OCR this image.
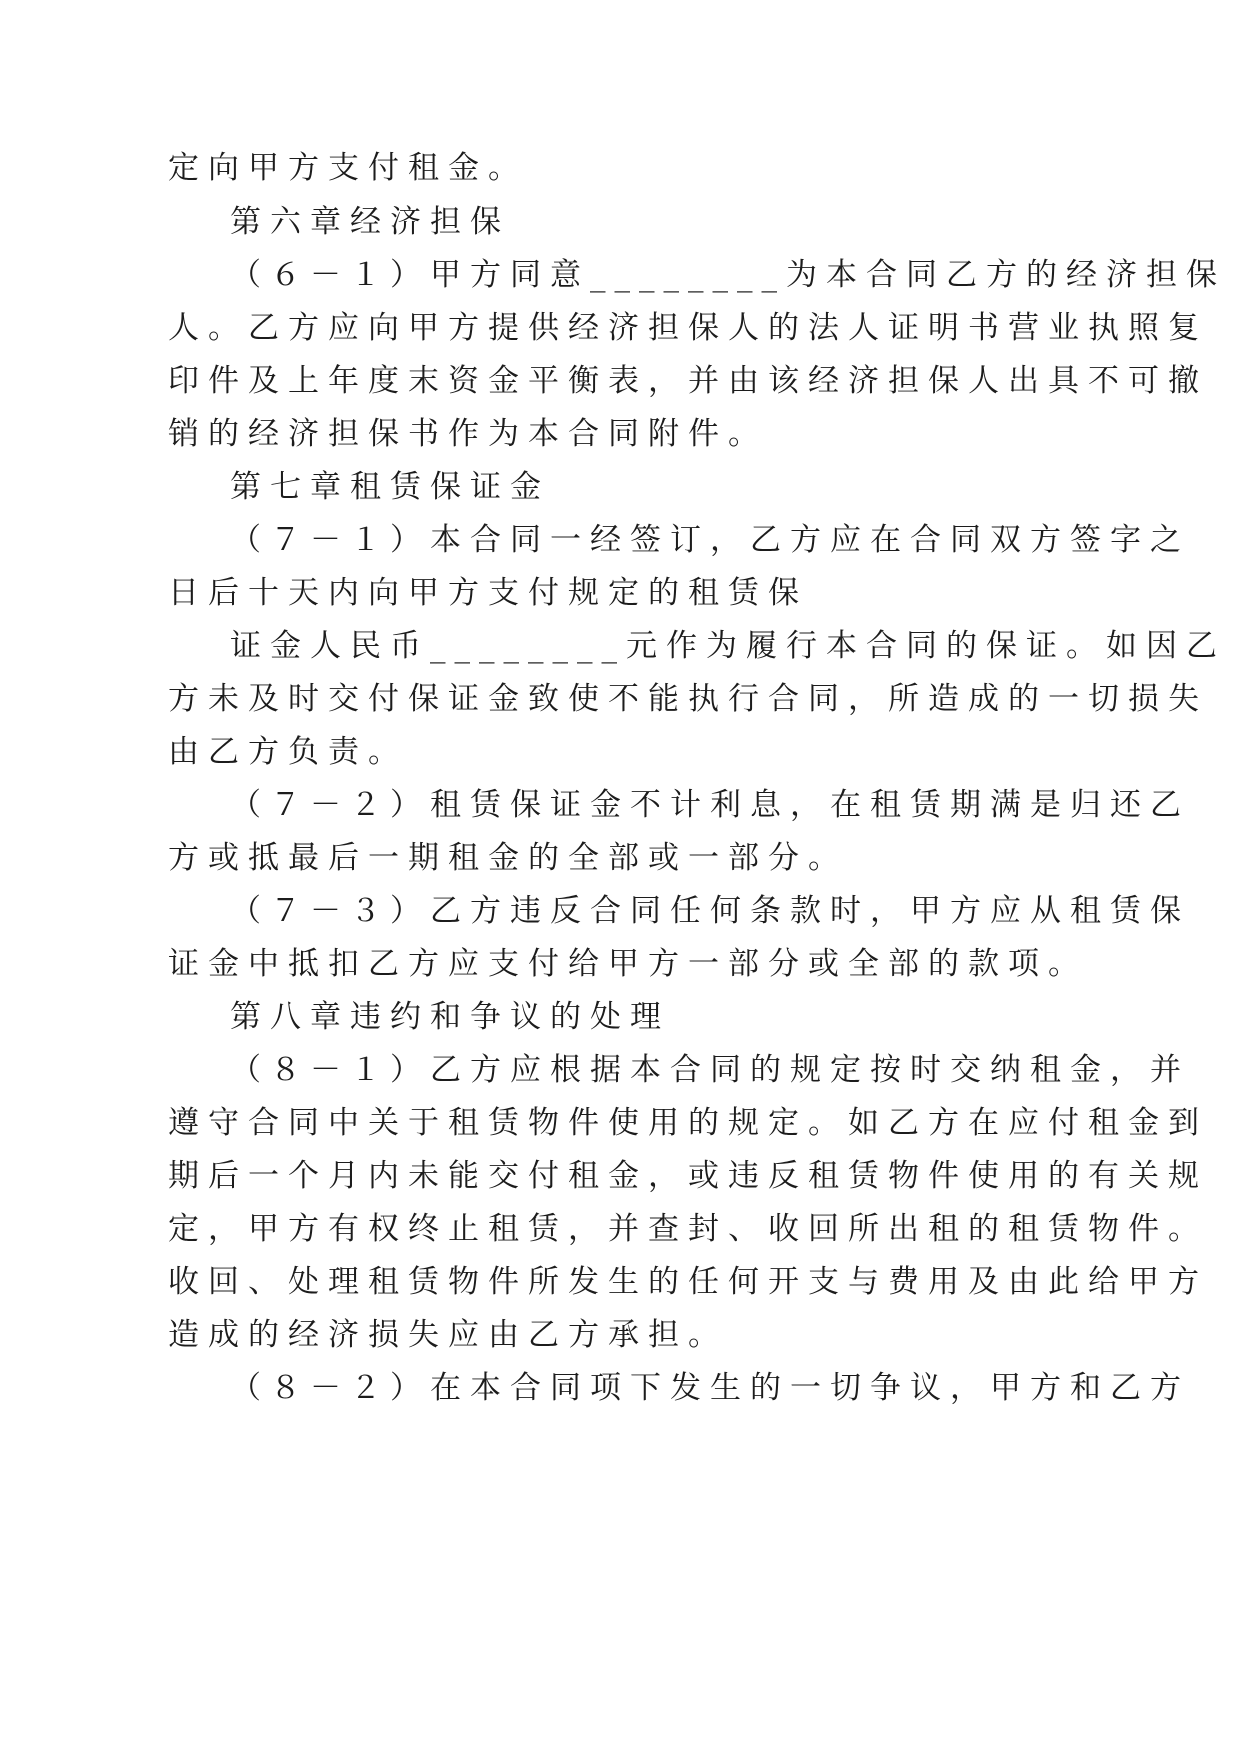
定向甲方支付租金。
第六章经济担保
（６－１）甲方同意________为本合同乙方的经济担保
人。乙方应向甲方提供经济担保人的法人证明书营业执照复
印件及上年度末资金平衡表，并由该经济担保人出具不可撤
销的经济担保书作为本合同附件。
第七章租赁保证金
（７－１）本合同一经签订，乙方应在合同双方签字之
日后十天内向甲方支付规定的租赁保
证金人民币________元作为履行本合同的保证。如因乙
方未及时交付保证金致使不能执行合同，所造成的一切损失
由乙方负责。
（７－２）租赁保证金不计利息，在租赁期满是归还乙
方或抵最后一期租金的全部或一部分。
（７－３）乙方违反合同任何条款时，甲方应从租赁保
证金中抵扣乙方应支付给甲方一部分或全部的款项。
第八章违约和争议的处理
（８－１）乙方应根据本合同的规定按时交纳租金，并
遵守合同中关于租赁物件使用的规定。如乙方在应付租金到
期后一个月内未能交付租金，或违反租赁物件使用的有关规
定，甲方有权终止租赁，并查封、收回所出租的租赁物件。
收回、处理租赁物件所发生的任何开支与费用及由此给甲方
造成的经济损失应由乙方承担。
（８－２）在本合同项下发生的一切争议，甲方和乙方
